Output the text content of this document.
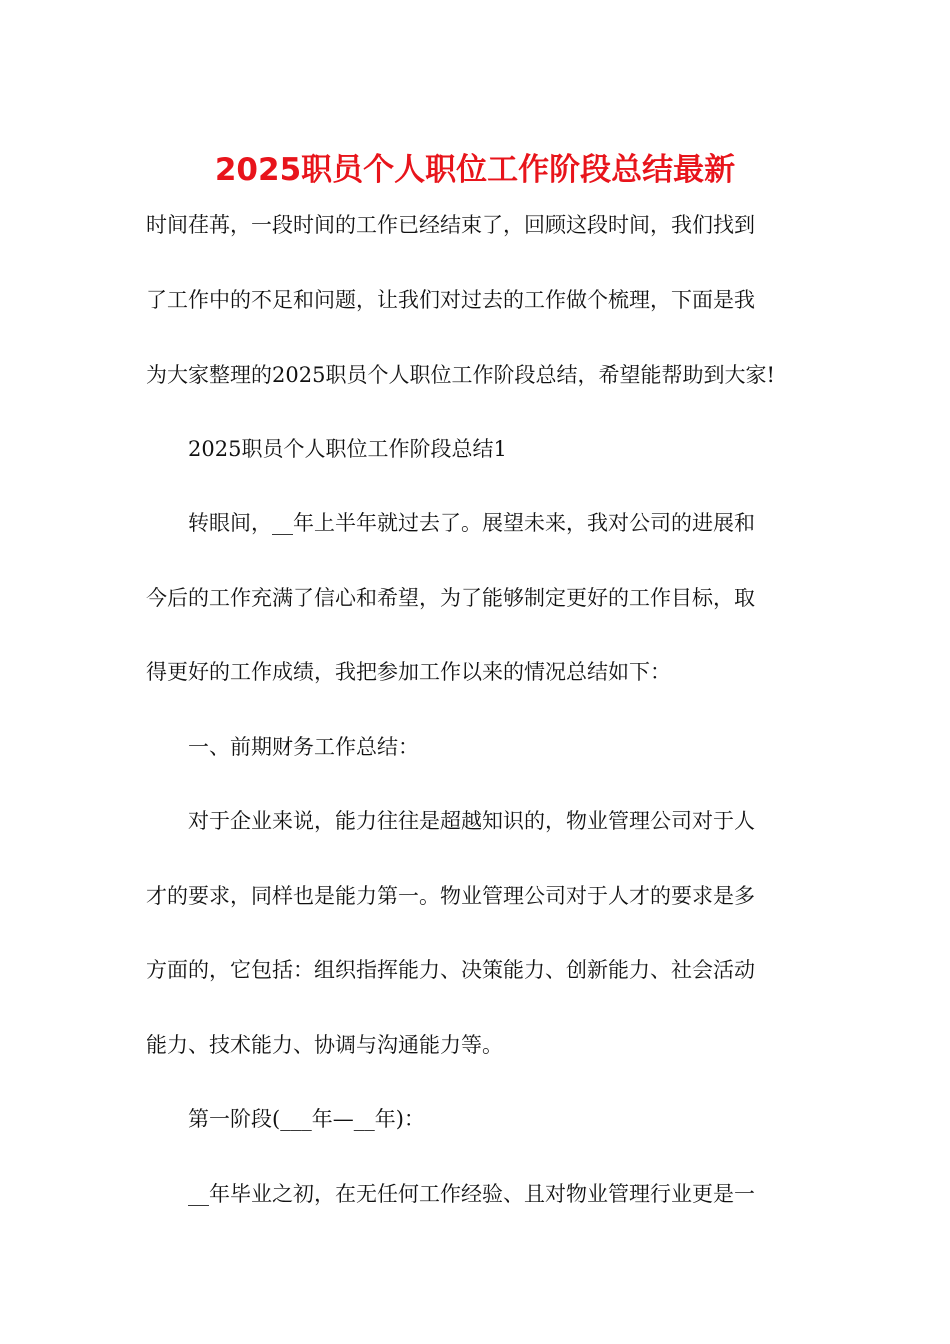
2025职员个人职位工作阶段总结最新
时间荏苒，一段时间的工作已经结束了，回顾这段时间，我们找到
了工作中的不足和问题，让我们对过去的工作做个梳理，下面是我
为大家整理的2025职员个人职位工作阶段总结，希望能帮助到大家!
2025职员个人职位工作阶段总结1
转眼间，__年上半年就过去了。展望未来，我对公司的进展和
今后的工作充满了信心和希望，为了能够制定更好的工作目标，取
得更好的工作成绩，我把参加工作以来的情况总结如下：
一、前期财务工作总结：
对于企业来说，能力往往是超越知识的，物业管理公司对于人
才的要求，同样也是能力第一。物业管理公司对于人才的要求是多
方面的，它包括：组织指挥能力、决策能力、创新能力、社会活动
能力、技术能力、协调与沟通能力等。
第一阶段(___年—__年)：
__年毕业之初，在无任何工作经验、且对物业管理行业更是一
